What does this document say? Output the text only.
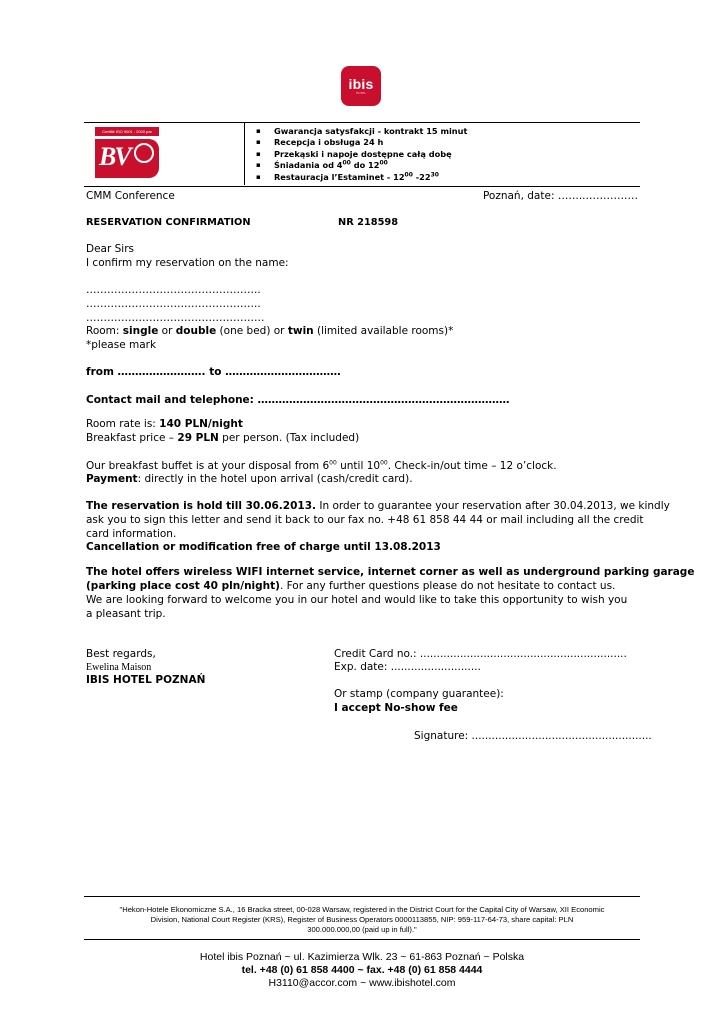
ibis
HOTEL
Certifié ISO 9001 : 2000 par
BV
▪ Gwarancja satysfakcji - kontrakt 15 minut
▪ Recepcja i obsługa 24 h
▪ Przekąski i napoje dostępne całą dobę
▪ Śniadania od $4^{00}$ do $12^{00}$
▪ Restauracja l’Estaminet - $12^{00}$ $-22^{30}$
CMM Conference	Poznań, date: ……..……………
RESERVATION CONFIRMATION	NR 218598
Dear Sirs
I confirm my reservation on the name:
…………………………………………..
…………………………………………..
……………………………………………
Room: single or double (one bed) or twin (limited available rooms)*
*please mark
from ……………………. to ……………………………
Contact mail and telephone: ………………………………………………………………
Room rate is: 140 PLN/night
Breakfast price – 29 PLN per person. (Tax included)
Our breakfast buffet is at your disposal from $6^{00}$ until $10^{00}$. Check-in/out time – 12 o’clock.
Payment: directly in the hotel upon arrival (cash/credit card).
The reservation is hold till 30.06.2013. In order to guarantee your reservation after 30.04.2013, we kindly
ask you to sign this letter and send it back to our fax no. +48 61 858 44 44 or mail including all the credit
card information.
Cancellation or modification free of charge until 13.08.2013
The hotel offers wireless WIFI internet service, internet corner as well as underground parking garage
(parking place cost 40 pln/night). For any further questions please do not hesitate to contact us.
We are looking forward to welcome you in our hotel and would like to take this opportunity to wish you
a pleasant trip.
Best regards,
Ewelina Maison
IBIS HOTEL POZNAŃ
Credit Card no.: ..............................................................
Exp. date: ...........................
Or stamp (company guarantee):
I accept No-show fee
Signature: ......................................................
"Hekon-Hotele Ekonomiczne S.A., 16 Bracka street, 00-028 Warsaw, registered in the District Court for the Capital City of Warsaw, XII Economic
Division, National Court Register (KRS), Register of Business Operators 0000113855, NIP: 959-117-64-73, share capital: PLN
300.000.000,00 (paid up in full)."
Hotel ibis Poznań ~ ul. Kazimierza Wlk. 23 ~ 61-863 Poznań ~ Polska
tel. +48 (0) 61 858 4400 ~ fax. +48 (0) 61 858 4444
H3110@accor.com ~ www.ibishotel.com
